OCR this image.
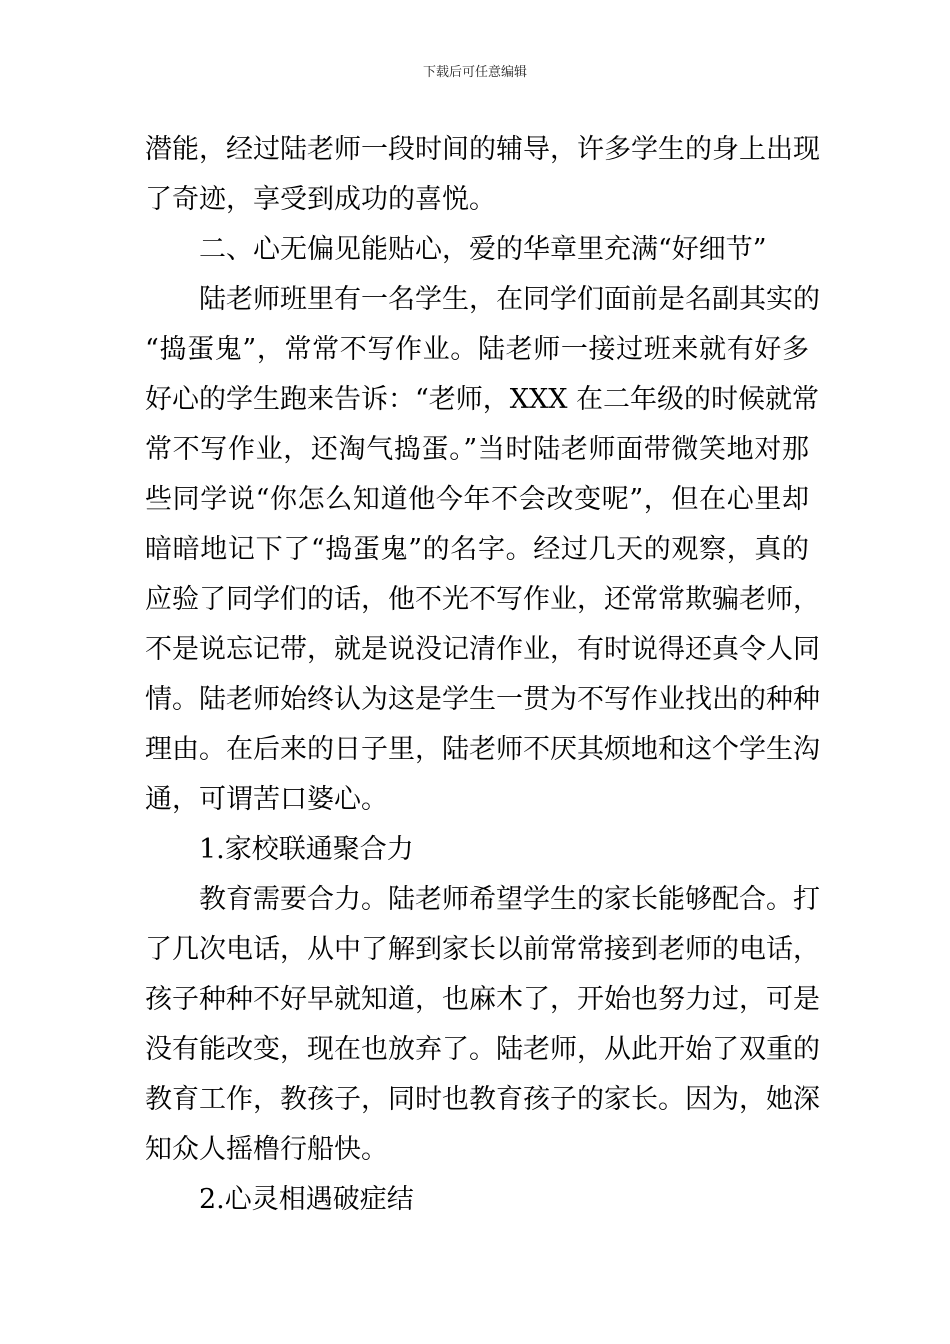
下载后可任意编辑
潜能，经过陆老师一段时间的辅导，许多学生的身上出现
了奇迹，享受到成功的喜悦。
二、心无偏见能贴心，爱的华章里充满“好细节”
陆老师班里有一名学生，在同学们面前是名副其实的
“捣蛋鬼”，常常不写作业。陆老师一接过班来就有好多
好心的学生跑来告诉：“老师，XXX 在二年级的时候就常
常不写作业，还淘气捣蛋。”当时陆老师面带微笑地对那
些同学说“你怎么知道他今年不会改变呢”，但在心里却
暗暗地记下了“捣蛋鬼”的名字。经过几天的观察，真的
应验了同学们的话，他不光不写作业，还常常欺骗老师，
不是说忘记带，就是说没记清作业，有时说得还真令人同
情。陆老师始终认为这是学生一贯为不写作业找出的种种
理由。在后来的日子里，陆老师不厌其烦地和这个学生沟
通，可谓苦口婆心。
1.家校联通聚合力
教育需要合力。陆老师希望学生的家长能够配合。打
了几次电话，从中了解到家长以前常常接到老师的电话，
孩子种种不好早就知道，也麻木了，开始也努力过，可是
没有能改变，现在也放弃了。陆老师，从此开始了双重的
教育工作，教孩子，同时也教育孩子的家长。因为，她深
知众人摇橹行船快。
2.心灵相遇破症结
